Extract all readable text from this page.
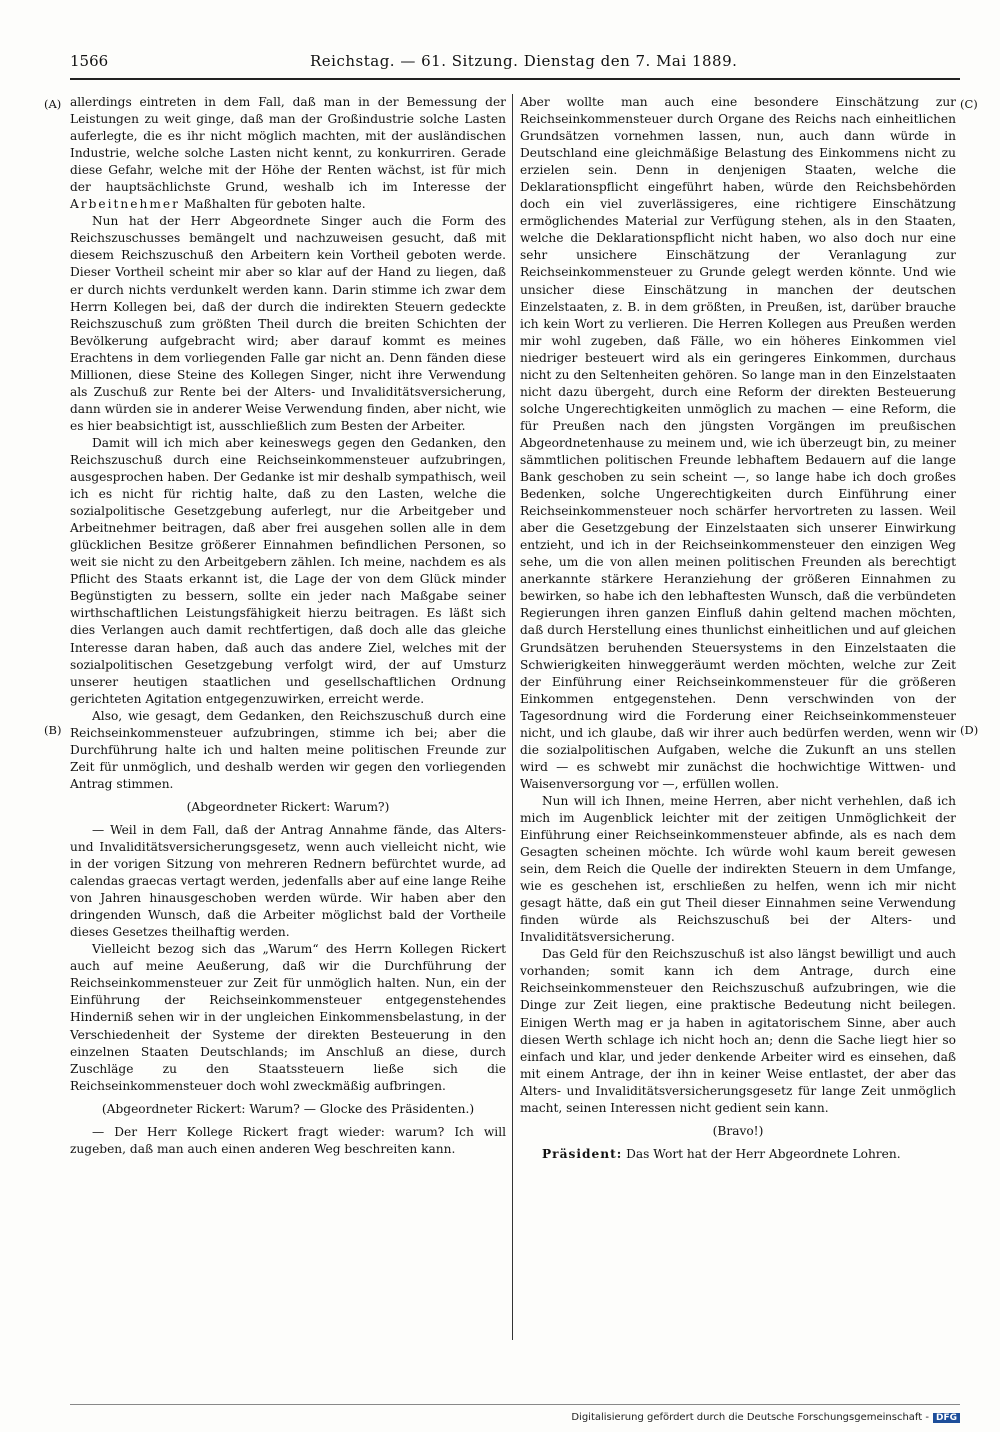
1566	Reichstag. — 61. Sitzung. Dienstag den 7. Mai 1889.
(A)
(B)
(C)
(D)

allerdings eintreten in dem Fall, daß man in der Bemessung der Leistungen zu weit ginge, daß man der Großindustrie solche Lasten auferlegte, die es ihr nicht möglich machten, mit der ausländischen Industrie, welche solche Lasten nicht kennt, zu konkurriren. Gerade diese Gefahr, welche mit der Höhe der Renten wächst, ist für mich der hauptsächlichste Grund, weshalb ich im Interesse der Arbeitnehmer Maßhalten für geboten halte.

Nun hat der Herr Abgeordnete Singer auch die Form des Reichszuschusses bemängelt und nachzuweisen gesucht, daß mit diesem Reichszuschuß den Arbeitern kein Vortheil geboten werde. Dieser Vortheil scheint mir aber so klar auf der Hand zu liegen, daß er durch nichts verdunkelt werden kann. Darin stimme ich zwar dem Herrn Kollegen bei, daß der durch die indirekten Steuern gedeckte Reichszuschuß zum größten Theil durch die breiten Schichten der Bevölkerung aufgebracht wird; aber darauf kommt es meines Erachtens in dem vorliegenden Falle gar nicht an. Denn fänden diese Millionen, diese Steine des Kollegen Singer, nicht ihre Verwendung als Zuschuß zur Rente bei der Alters- und Invaliditätsversicherung, dann würden sie in anderer Weise Verwendung finden, aber nicht, wie es hier beabsichtigt ist, ausschließlich zum Besten der Arbeiter.

Damit will ich mich aber keineswegs gegen den Gedanken, den Reichszuschuß durch eine Reichseinkommensteuer aufzubringen, ausgesprochen haben. Der Gedanke ist mir deshalb sympathisch, weil ich es nicht für richtig halte, daß zu den Lasten, welche die sozialpolitische Gesetzgebung auferlegt, nur die Arbeitgeber und Arbeitnehmer beitragen, daß aber frei ausgehen sollen alle in dem glücklichen Besitze größerer Einnahmen befindlichen Personen, so weit sie nicht zu den Arbeitgebern zählen. Ich meine, nachdem es als Pflicht des Staats erkannt ist, die Lage der von dem Glück minder Begünstigten zu bessern, sollte ein jeder nach Maßgabe seiner wirthschaftlichen Leistungsfähigkeit hierzu beitragen. Es läßt sich dies Verlangen auch damit rechtfertigen, daß doch alle das gleiche Interesse daran haben, daß auch das andere Ziel, welches mit der sozialpolitischen Gesetzgebung verfolgt wird, der auf Umsturz unserer heutigen staatlichen und gesellschaftlichen Ordnung gerichteten Agitation entgegenzuwirken, erreicht werde.

Also, wie gesagt, dem Gedanken, den Reichszuschuß durch eine Reichseinkommensteuer aufzubringen, stimme ich bei; aber die Durchführung halte ich und halten meine politischen Freunde zur Zeit für unmöglich, und deshalb werden wir gegen den vorliegenden Antrag stimmen.

(Abgeordneter Rickert: Warum?)

— Weil in dem Fall, daß der Antrag Annahme fände, das Alters- und Invaliditätsversicherungsgesetz, wenn auch vielleicht nicht, wie in der vorigen Sitzung von mehreren Rednern befürchtet wurde, ad calendas graecas vertagt werden, jedenfalls aber auf eine lange Reihe von Jahren hinausgeschoben werden würde. Wir haben aber den dringenden Wunsch, daß die Arbeiter möglichst bald der Vortheile dieses Gesetzes theilhaftig werden.

Vielleicht bezog sich das „Warum“ des Herrn Kollegen Rickert auch auf meine Aeußerung, daß wir die Durchführung der Reichseinkommensteuer zur Zeit für unmöglich halten. Nun, ein der Einführung der Reichseinkommensteuer entgegenstehendes Hinderniß sehen wir in der ungleichen Einkommensbelastung, in der Verschiedenheit der Systeme der direkten Besteuerung in den einzelnen Staaten Deutschlands; im Anschluß an diese, durch Zuschläge zu den Staatssteuern ließe sich die Reichseinkommensteuer doch wohl zweckmäßig aufbringen.

(Abgeordneter Rickert: Warum? — Glocke des Präsidenten.)

— Der Herr Kollege Rickert fragt wieder: warum? Ich will zugeben, daß man auch einen anderen Weg beschreiten kann.

Aber wollte man auch eine besondere Einschätzung zur Reichseinkommensteuer durch Organe des Reichs nach einheitlichen Grundsätzen vornehmen lassen, nun, auch dann würde in Deutschland eine gleichmäßige Belastung des Einkommens nicht zu erzielen sein. Denn in denjenigen Staaten, welche die Deklarationspflicht eingeführt haben, würde den Reichsbehörden doch ein viel zuverlässigeres, eine richtigere Einschätzung ermöglichendes Material zur Verfügung stehen, als in den Staaten, welche die Deklarationspflicht nicht haben, wo also doch nur eine sehr unsichere Einschätzung der Veranlagung zur Reichseinkommensteuer zu Grunde gelegt werden könnte. Und wie unsicher diese Einschätzung in manchen der deutschen Einzelstaaten, z. B. in dem größten, in Preußen, ist, darüber brauche ich kein Wort zu verlieren. Die Herren Kollegen aus Preußen werden mir wohl zugeben, daß Fälle, wo ein höheres Einkommen viel niedriger besteuert wird als ein geringeres Einkommen, durchaus nicht zu den Seltenheiten gehören. So lange man in den Einzelstaaten nicht dazu übergeht, durch eine Reform der direkten Besteuerung solche Ungerechtigkeiten unmöglich zu machen — eine Reform, die für Preußen nach den jüngsten Vorgängen im preußischen Abgeordnetenhause zu meinem und, wie ich überzeugt bin, zu meiner sämmtlichen politischen Freunde lebhaftem Bedauern auf die lange Bank geschoben zu sein scheint —, so lange habe ich doch großes Bedenken, solche Ungerechtigkeiten durch Einführung einer Reichseinkommensteuer noch schärfer hervortreten zu lassen. Weil aber die Gesetzgebung der Einzelstaaten sich unserer Einwirkung entzieht, und ich in der Reichseinkommensteuer den einzigen Weg sehe, um die von allen meinen politischen Freunden als berechtigt anerkannte stärkere Heranziehung der größeren Einnahmen zu bewirken, so habe ich den lebhaftesten Wunsch, daß die verbündeten Regierungen ihren ganzen Einfluß dahin geltend machen möchten, daß durch Herstellung eines thunlichst einheitlichen und auf gleichen Grundsätzen beruhenden Steuersystems in den Einzelstaaten die Schwierigkeiten hinweggeräumt werden möchten, welche zur Zeit der Einführung einer Reichseinkommensteuer für die größeren Einkommen entgegenstehen. Denn verschwinden von der Tagesordnung wird die Forderung einer Reichseinkommensteuer nicht, und ich glaube, daß wir ihrer auch bedürfen werden, wenn wir die sozialpolitischen Aufgaben, welche die Zukunft an uns stellen wird — es schwebt mir zunächst die hochwichtige Wittwen- und Waisenversorgung vor —, erfüllen wollen.

Nun will ich Ihnen, meine Herren, aber nicht verhehlen, daß ich mich im Augenblick leichter mit der zeitigen Unmöglichkeit der Einführung einer Reichseinkommensteuer abfinde, als es nach dem Gesagten scheinen möchte. Ich würde wohl kaum bereit gewesen sein, dem Reich die Quelle der indirekten Steuern in dem Umfange, wie es geschehen ist, erschließen zu helfen, wenn ich mir nicht gesagt hätte, daß ein gut Theil dieser Einnahmen seine Verwendung finden würde als Reichszuschuß bei der Alters- und Invaliditätsversicherung.

Das Geld für den Reichszuschuß ist also längst bewilligt und auch vorhanden; somit kann ich dem Antrage, durch eine Reichseinkommensteuer den Reichszuschuß aufzubringen, wie die Dinge zur Zeit liegen, eine praktische Bedeutung nicht beilegen. Einigen Werth mag er ja haben in agitatorischem Sinne, aber auch diesen Werth schlage ich nicht hoch an; denn die Sache liegt hier so einfach und klar, und jeder denkende Arbeiter wird es einsehen, daß mit einem Antrage, der ihn in keiner Weise entlastet, der aber das Alters- und Invaliditätsversicherungsgesetz für lange Zeit unmöglich macht, seinen Interessen nicht gedient sein kann.

(Bravo!)

Präsident: Das Wort hat der Herr Abgeordnete Lohren.

Digitalisierung gefördert durch die Deutsche Forschungsgemeinschaft - DFG
